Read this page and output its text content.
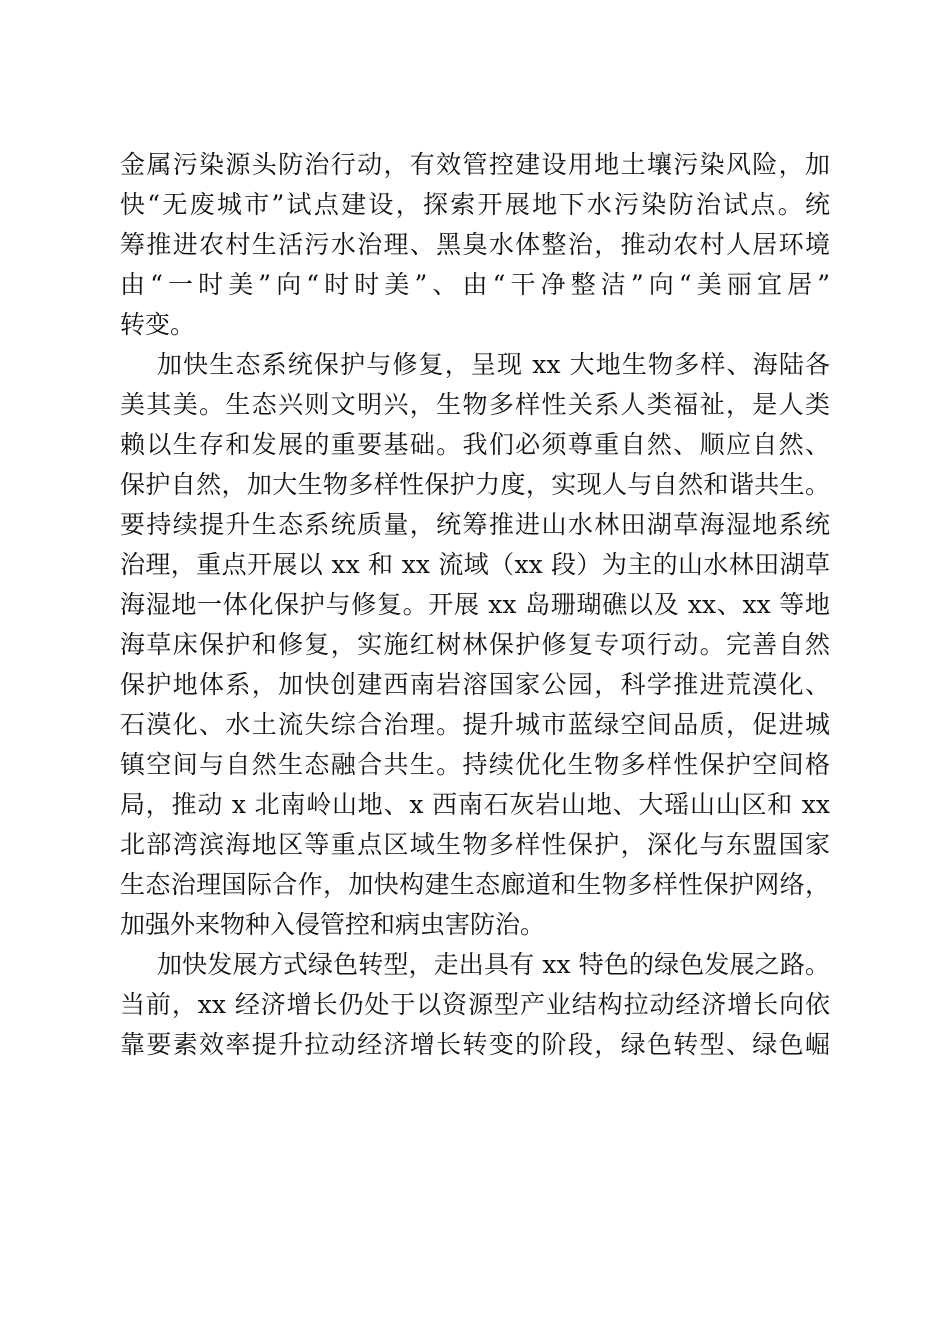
金属污染源头防治行动，有效管控建设用地土壤污染风险，加
快“无废城市”试点建设，探索开展地下水污染防治试点。统
筹推进农村生活污水治理、黑臭水体整治，推动农村人居环境
由“一时美”向“时时美”、由“干净整洁”向“美丽宜居”
转变。
加快生态系统保护与修复，呈现 xx 大地生物多样、海陆各
美其美。生态兴则文明兴，生物多样性关系人类福祉，是人类
赖以生存和发展的重要基础。我们必须尊重自然、顺应自然、
保护自然，加大生物多样性保护力度，实现人与自然和谐共生。
要持续提升生态系统质量，统筹推进山水林田湖草海湿地系统
治理，重点开展以 xx 和 xx 流域（xx 段）为主的山水林田湖草
海湿地一体化保护与修复。开展 xx 岛珊瑚礁以及 xx、xx 等地
海草床保护和修复，实施红树林保护修复专项行动。完善自然
保护地体系，加快创建西南岩溶国家公园，科学推进荒漠化、
石漠化、水土流失综合治理。提升城市蓝绿空间品质，促进城
镇空间与自然生态融合共生。持续优化生物多样性保护空间格
局，推动 x 北南岭山地、x 西南石灰岩山地、大瑶山山区和 xx
北部湾滨海地区等重点区域生物多样性保护，深化与东盟国家
生态治理国际合作，加快构建生态廊道和生物多样性保护网络，
加强外来物种入侵管控和病虫害防治。
加快发展方式绿色转型，走出具有 xx 特色的绿色发展之路。
当前，xx 经济增长仍处于以资源型产业结构拉动经济增长向依
靠要素效率提升拉动经济增长转变的阶段，绿色转型、绿色崛
